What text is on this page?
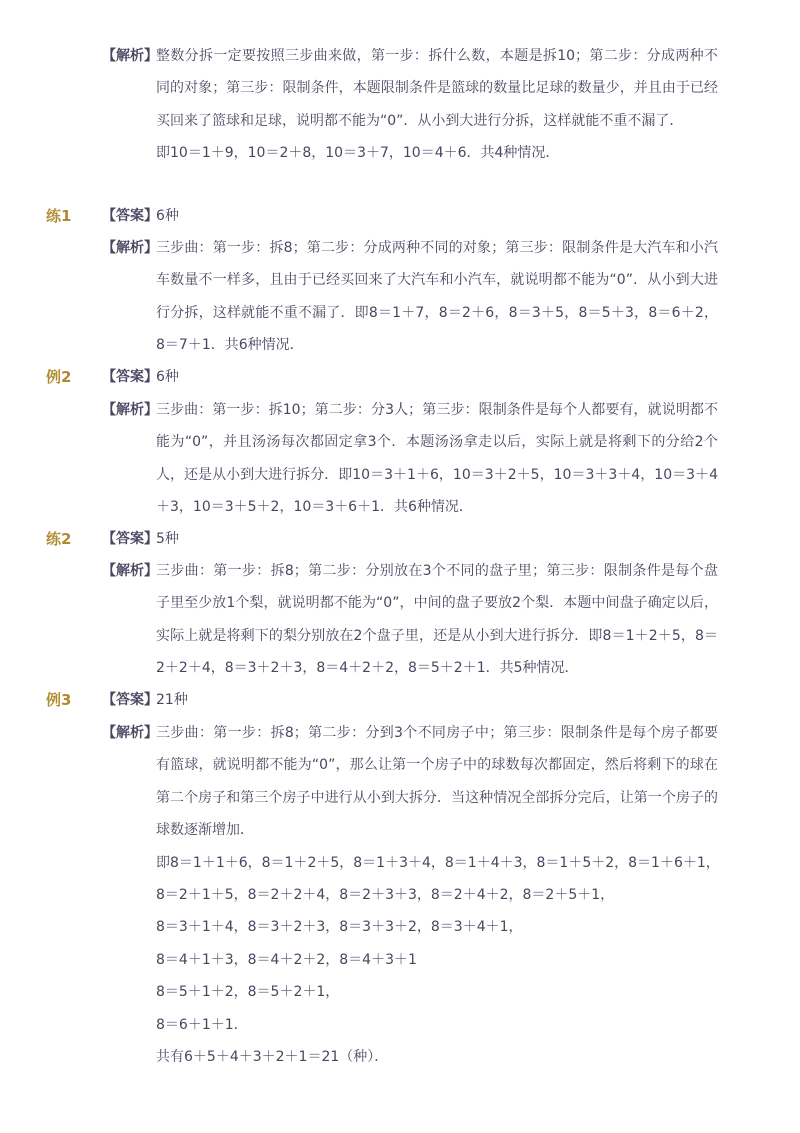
【解析】
整数分拆一定要按照三步曲来做，第一步：拆什么数，本题是拆10；第二步：分成两种不同的对象；第三步：限制条件，本题限制条件是篮球的数量比足球的数量少，并且由于已经买回来了篮球和足球，说明都不能为“0”．从小到大进行分拆，这样就能不重不漏了．
即10＝1＋9，10＝2＋8，10＝3＋7，10＝4＋6．共4种情况．
练1 【答案】
6种
【解析】
三步曲：第一步：拆8；第二步：分成两种不同的对象；第三步：限制条件是大汽车和小汽车数量不一样多，且由于已经买回来了大汽车和小汽车，就说明都不能为“0”．从小到大进行分拆，这样就能不重不漏了．即8＝1＋7，8＝2＋6，8＝3＋5，8＝5＋3，8＝6＋2，8＝7＋1．共6种情况．
例2 【答案】
6种
【解析】
三步曲：第一步：拆10；第二步：分3人；第三步：限制条件是每个人都要有，就说明都不能为“0”，并且汤汤每次都固定拿3个．本题汤汤拿走以后，实际上就是将剩下的分给2个人，还是从小到大进行拆分．即10＝3＋1＋6，10＝3＋2＋5，10＝3＋3＋4，10＝3＋4＋3，10＝3＋5＋2，10＝3＋6＋1．共6种情况．
练2 【答案】
5种
【解析】
三步曲：第一步：拆8；第二步：分别放在3个不同的盘子里；第三步：限制条件是每个盘子里至少放1个梨，就说明都不能为“0”，中间的盘子要放2个梨．本题中间盘子确定以后，实际上就是将剩下的梨分别放在2个盘子里，还是从小到大进行拆分．即8＝1＋2＋5，8＝2＋2＋4，8＝3＋2＋3，8＝4＋2＋2，8＝5＋2＋1．共5种情况．
例3 【答案】
21种
【解析】
三步曲：第一步：拆8；第二步：分到3个不同房子中；第三步：限制条件是每个房子都要有篮球，就说明都不能为“0”，那么让第一个房子中的球数每次都固定，然后将剩下的球在第二个房子和第三个房子中进行从小到大拆分．当这种情况全部拆分完后，让第一个房子的球数逐渐增加．
即8＝1＋1＋6，8＝1＋2＋5，8＝1＋3＋4，8＝1＋4＋3，8＝1＋5＋2，8＝1＋6＋1，
8＝2＋1＋5，8＝2＋2＋4，8＝2＋3＋3，8＝2＋4＋2，8＝2＋5＋1，
8＝3＋1＋4，8＝3＋2＋3，8＝3＋3＋2，8＝3＋4＋1，
8＝4＋1＋3，8＝4＋2＋2，8＝4＋3＋1
8＝5＋1＋2，8＝5＋2＋1，
8＝6＋1＋1．
共有6＋5＋4＋3＋2＋1＝21（种）．
